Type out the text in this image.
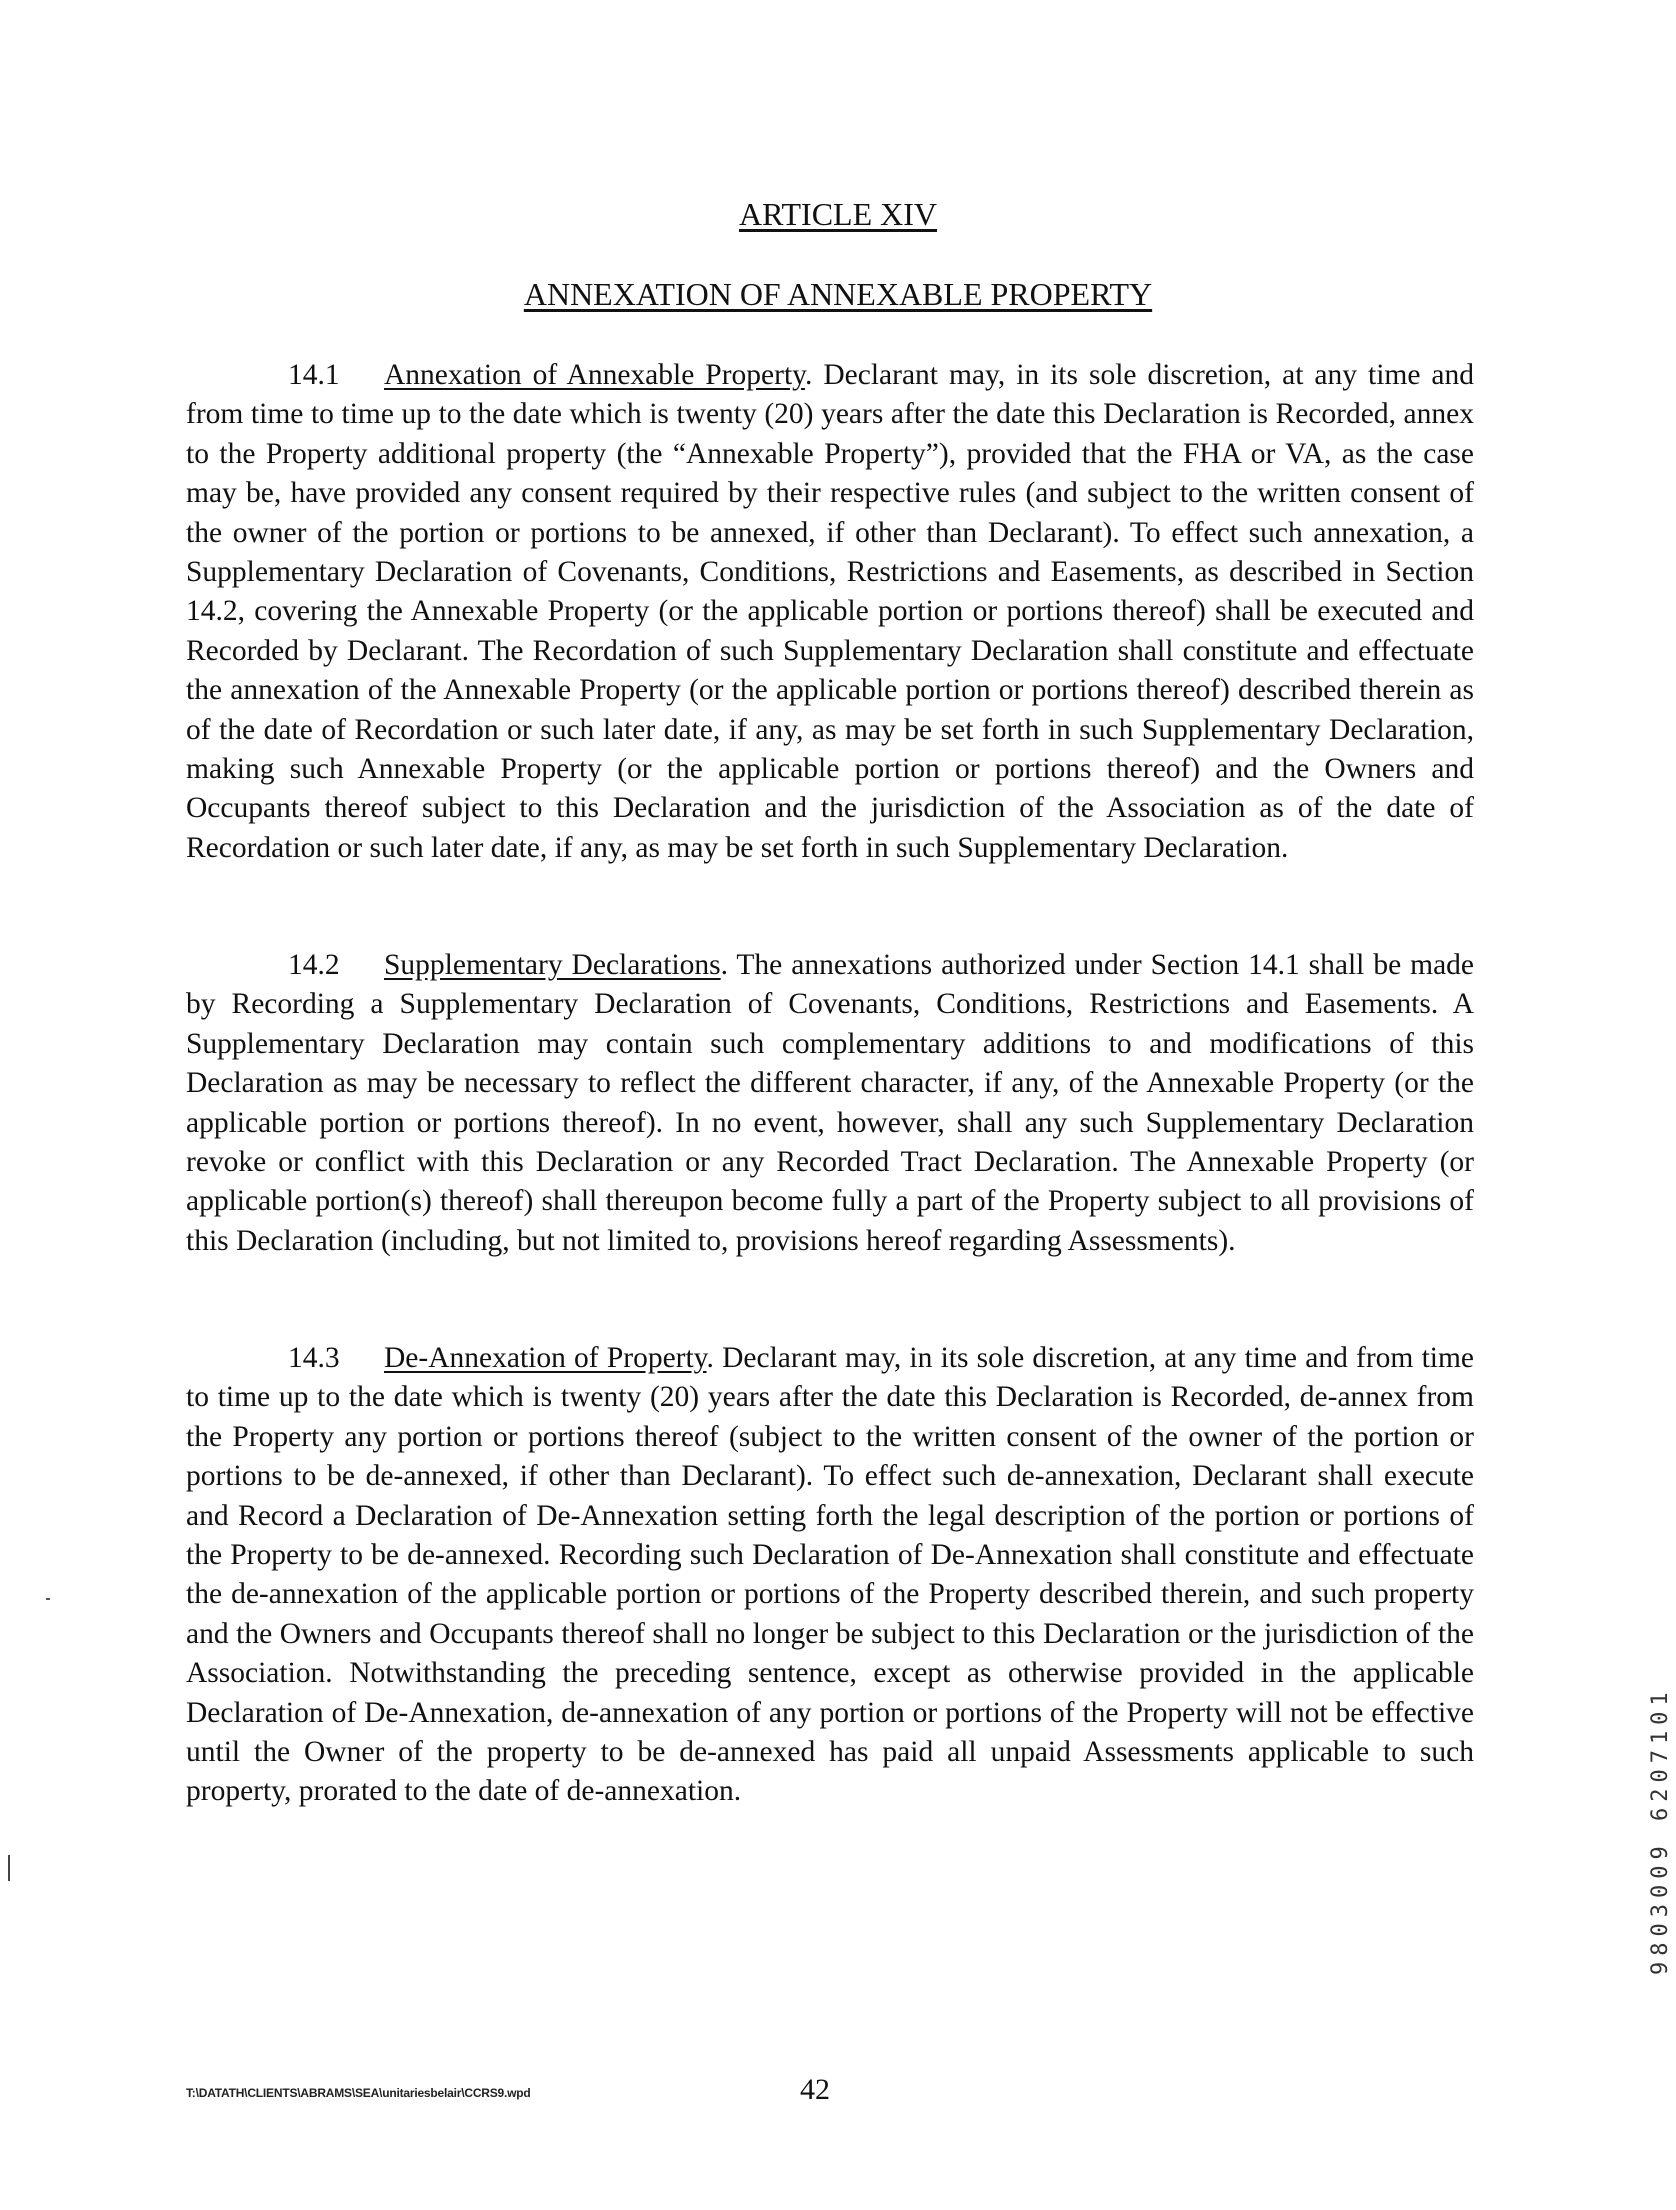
ARTICLE XIV
ANNEXATION OF ANNEXABLE PROPERTY

14.1 Annexation of Annexable Property. Declarant may, in its sole discretion, at any time and from time to time up to the date which is twenty (20) years after the date this Declaration is Recorded, annex to the Property additional property (the “Annexable Property”), provided that the FHA or VA, as the case may be, have provided any consent required by their respective rules (and subject to the written consent of the owner of the portion or portions to be annexed, if other than Declarant). To effect such annexation, a Supplementary Declaration of Covenants, Conditions, Restrictions and Easements, as described in Section 14.2, covering the Annexable Property (or the applicable portion or portions thereof) shall be executed and Recorded by Declarant. The Recordation of such Supplementary Declaration shall constitute and effectuate the annexation of the Annexable Property (or the applicable portion or portions thereof) described therein as of the date of Recordation or such later date, if any, as may be set forth in such Supplementary Declaration, making such Annexable Property (or the applicable portion or portions thereof) and the Owners and Occupants thereof subject to this Declaration and the jurisdiction of the Association as of the date of Recordation or such later date, if any, as may be set forth in such Supplementary Declaration.

14.2 Supplementary Declarations. The annexations authorized under Section 14.1 shall be made by Recording a Supplementary Declaration of Covenants, Conditions, Restrictions and Easements. A Supplementary Declaration may contain such complementary additions to and modifications of this Declaration as may be necessary to reflect the different character, if any, of the Annexable Property (or the applicable portion or portions thereof). In no event, however, shall any such Supplementary Declaration revoke or conflict with this Declaration or any Recorded Tract Declaration. The Annexable Property (or applicable portion(s) thereof) shall thereupon become fully a part of the Property subject to all provisions of this Declaration (including, but not limited to, provisions hereof regarding Assessments).

14.3 De-Annexation of Property. Declarant may, in its sole discretion, at any time and from time to time up to the date which is twenty (20) years after the date this Declaration is Recorded, de-annex from the Property any portion or portions thereof (subject to the written consent of the owner of the portion or portions to be de-annexed, if other than Declarant). To effect such de-annexation, Declarant shall execute and Record a Declaration of De-Annexation setting forth the legal description of the portion or portions of the Property to be de-annexed. Recording such Declaration of De-Annexation shall constitute and effectuate the de-annexation of the applicable portion or portions of the Property described therein, and such property and the Owners and Occupants thereof shall no longer be subject to this Declaration or the jurisdiction of the Association. Notwithstanding the preceding sentence, except as otherwise provided in the applicable Declaration of De-Annexation, de-annexation of any portion or portions of the Property will not be effective until the Owner of the property to be de-annexed has paid all unpaid Assessments applicable to such property, prorated to the date of de-annexation.	9803009 6207101
T:\DATATH\CLIENTS\ABRAMS\SEA\unitariesbelair\CCRS9.wpd	42
